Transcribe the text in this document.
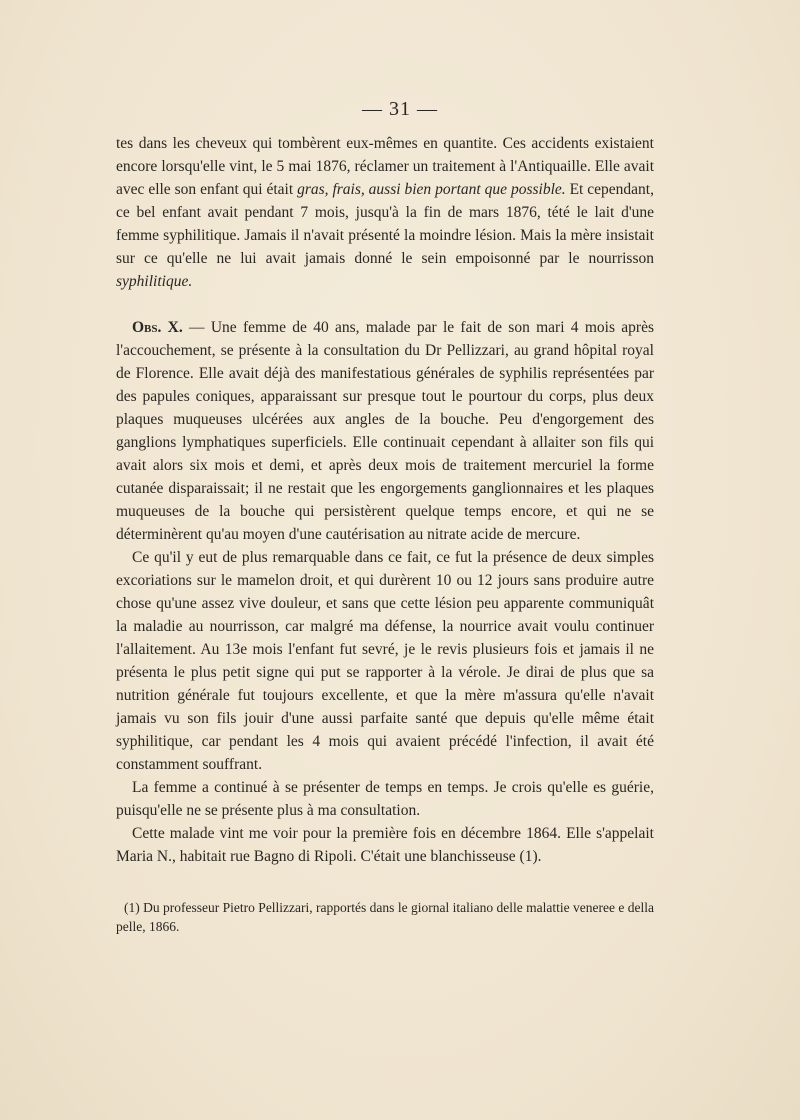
— 31 —

tes dans les cheveux qui tombèrent eux-mêmes en quantite. Ces accidents existaient encore lorsqu'elle vint, le 5 mai 1876, réclamer un traitement à l'Antiquaille. Elle avait avec elle son enfant qui était gras, frais, aussi bien portant que possible. Et cependant, ce bel enfant avait pendant 7 mois, jusqu'à la fin de mars 1876, tété le lait d'une femme syphilitique. Jamais il n'avait présenté la moindre lésion. Mais la mère insistait sur ce qu'elle ne lui avait jamais donné le sein empoisonné par le nourrisson syphilitique.

Obs. X. — Une femme de 40 ans, malade par le fait de son mari 4 mois après l'accouchement, se présente à la consultation du Dr Pellizzari, au grand hôpital royal de Florence. Elle avait déjà des manifestatious générales de syphilis représentées par des papules coniques, apparaissant sur presque tout le pourtour du corps, plus deux plaques muqueuses ulcérées aux angles de la bouche. Peu d'engorgement des ganglions lymphatiques superficiels. Elle continuait cependant à allaiter son fils qui avait alors six mois et demi, et après deux mois de traitement mercuriel la forme cutanée disparaissait; il ne restait que les engorgements ganglionnaires et les plaques muqueuses de la bouche qui persistèrent quelque temps encore, et qui ne se déterminèrent qu'au moyen d'une cautérisation au nitrate acide de mercure.

Ce qu'il y eut de plus remarquable dans ce fait, ce fut la présence de deux simples excoriations sur le mamelon droit, et qui durèrent 10 ou 12 jours sans produire autre chose qu'une assez vive douleur, et sans que cette lésion peu apparente communiquât la maladie au nourrisson, car malgré ma défense, la nourrice avait voulu continuer l'allaitement. Au 13e mois l'enfant fut sevré, je le revis plusieurs fois et jamais il ne présenta le plus petit signe qui put se rapporter à la vérole. Je dirai de plus que sa nutrition générale fut toujours excellente, et que la mère m'assura qu'elle n'avait jamais vu son fils jouir d'une aussi parfaite santé que depuis qu'elle même était syphilitique, car pendant les 4 mois qui avaient précédé l'infection, il avait été constamment souffrant.

La femme a continué à se présenter de temps en temps. Je crois qu'elle es guérie, puisqu'elle ne se présente plus à ma consultation.

Cette malade vint me voir pour la première fois en décembre 1864. Elle s'appelait Maria N., habitait rue Bagno di Ripoli. C'était une blanchisseuse (1).

(1) Du professeur Pietro Pellizzari, rapportés dans le giornal italiano delle malattie veneree e della pelle, 1866.
